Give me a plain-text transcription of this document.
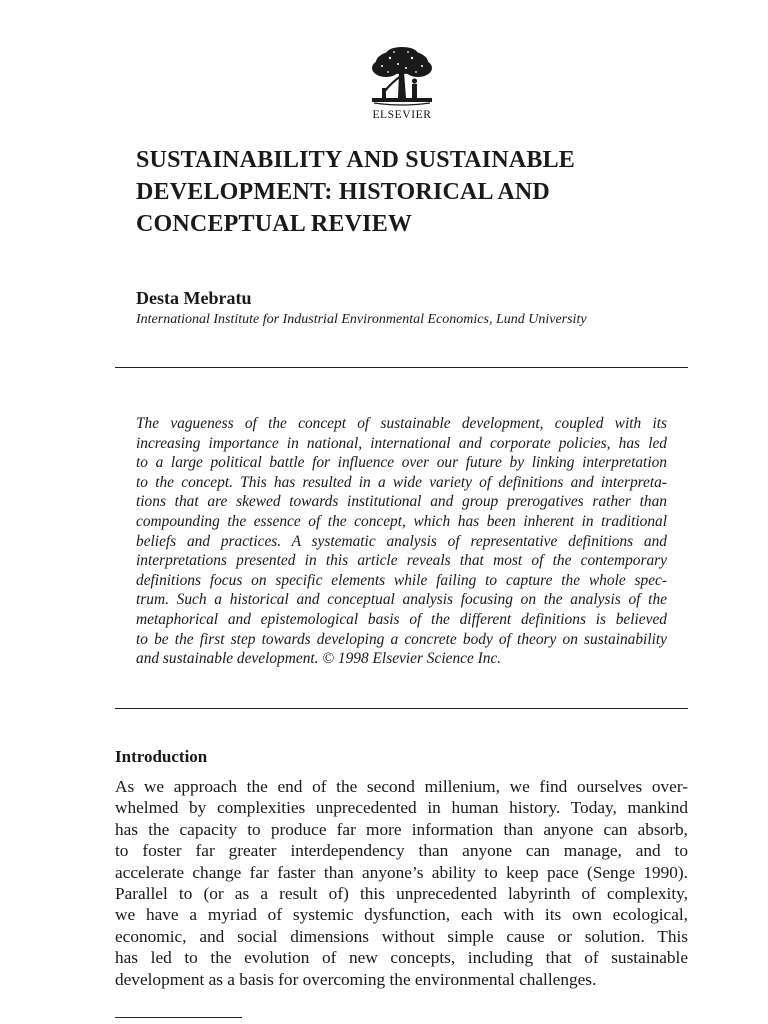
ELSEVIER
SUSTAINABILITY AND SUSTAINABLE
DEVELOPMENT: HISTORICAL AND
CONCEPTUAL REVIEW
Desta Mebratu
International Institute for Industrial Environmental Economics, Lund University
The vagueness of the concept of sustainable development, coupled with its
increasing importance in national, international and corporate policies, has led
to a large political battle for influence over our future by linking interpretation
to the concept. This has resulted in a wide variety of definitions and interpreta-
tions that are skewed towards institutional and group prerogatives rather than
compounding the essence of the concept, which has been inherent in traditional
beliefs and practices. A systematic analysis of representative definitions and
interpretations presented in this article reveals that most of the contemporary
definitions focus on specific elements while failing to capture the whole spec-
trum. Such a historical and conceptual analysis focusing on the analysis of the
metaphorical and epistemological basis of the different definitions is believed
to be the first step towards developing a concrete body of theory on sustainability
and sustainable development. © 1998 Elsevier Science Inc.
Introduction
As we approach the end of the second millenium, we find ourselves over-
whelmed by complexities unprecedented in human history. Today, mankind
has the capacity to produce far more information than anyone can absorb,
to foster far greater interdependency than anyone can manage, and to
accelerate change far faster than anyone’s ability to keep pace (Senge 1990).
Parallel to (or as a result of) this unprecedented labyrinth of complexity,
we have a myriad of systemic dysfunction, each with its own ecological,
economic, and social dimensions without simple cause or solution. This
has led to the evolution of new concepts, including that of sustainable
development as a basis for overcoming the environmental challenges.
